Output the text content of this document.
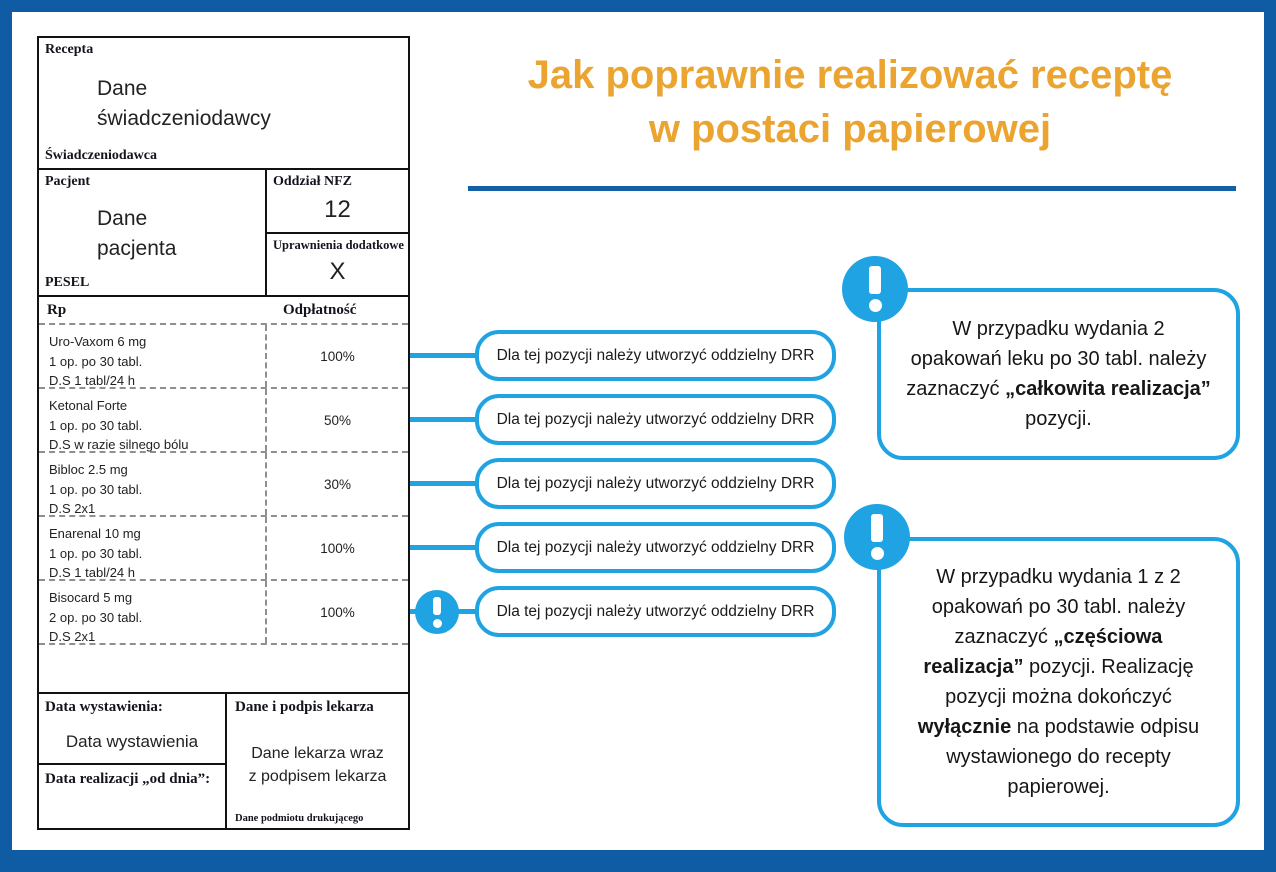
Recepta
Dane
świadczeniodawcy
Świadczeniodawca
Pacjent
Dane
pacjenta
PESEL
Oddział NFZ
12
Uprawnienia dodatkowe
X
Rp	Odpłatność
Uro-Vaxom 6 mg
1 op. po 30 tabl.
D.S 1 tabl/24 h
100%
Ketonal Forte
1 op. po 30 tabl.
D.S w razie silnego bólu
50%
Bibloc 2.5 mg
1 op. po 30 tabl.
D.S 2x1
30%
Enarenal 10 mg
1 op. po 30 tabl.
D.S 1 tabl/24 h
100%
Bisocard 5 mg
2 op. po 30 tabl.
D.S 2x1
100%
Data wystawienia:
Data wystawienia
Data realizacji „od dnia”:
Dane i podpis lekarza
Dane lekarza wraz
z podpisem lekarza
Dane podmiotu drukującego
Jak poprawnie realizować receptę
w postaci papierowej
Dla tej pozycji należy utworzyć oddzielny DRR
Dla tej pozycji należy utworzyć oddzielny DRR
Dla tej pozycji należy utworzyć oddzielny DRR
Dla tej pozycji należy utworzyć oddzielny DRR
Dla tej pozycji należy utworzyć oddzielny DRR
W przypadku wydania 2 opakowań leku po 30 tabl. należy zaznaczyć „całkowita realizacja” pozycji.
W przypadku wydania 1 z 2 opakowań po 30 tabl. należy zaznaczyć „częściowa realizacja” pozycji. Realizację pozycji można dokończyć wyłącznie na podstawie odpisu wystawionego do recepty papierowej.
